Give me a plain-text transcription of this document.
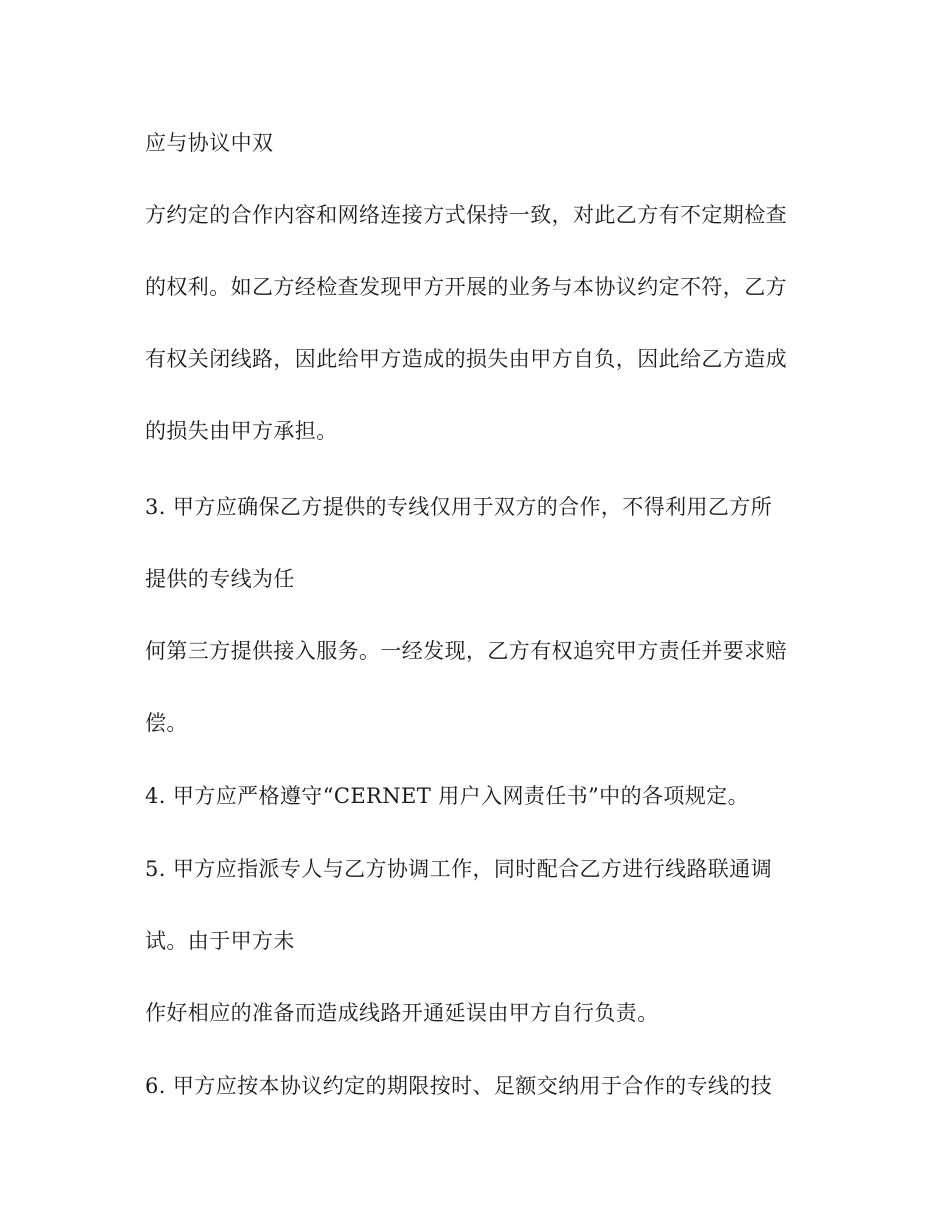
应与协议中双

方约定的合作内容和网络连接方式保持一致，对此乙方有不定期检查

的权利。如乙方经检查发现甲方开展的业务与本协议约定不符，乙方

有权关闭线路，因此给甲方造成的损失由甲方自负，因此给乙方造成

的损失由甲方承担。

3. 甲方应确保乙方提供的专线仅用于双方的合作，不得利用乙方所

提供的专线为任

何第三方提供接入服务。一经发现，乙方有权追究甲方责任并要求赔

偿。

4. 甲方应严格遵守“CERNET 用户入网责任书”中的各项规定。

5. 甲方应指派专人与乙方协调工作，同时配合乙方进行线路联通调

试。由于甲方未

作好相应的准备而造成线路开通延误由甲方自行负责。

6. 甲方应按本协议约定的期限按时、足额交纳用于合作的专线的技
